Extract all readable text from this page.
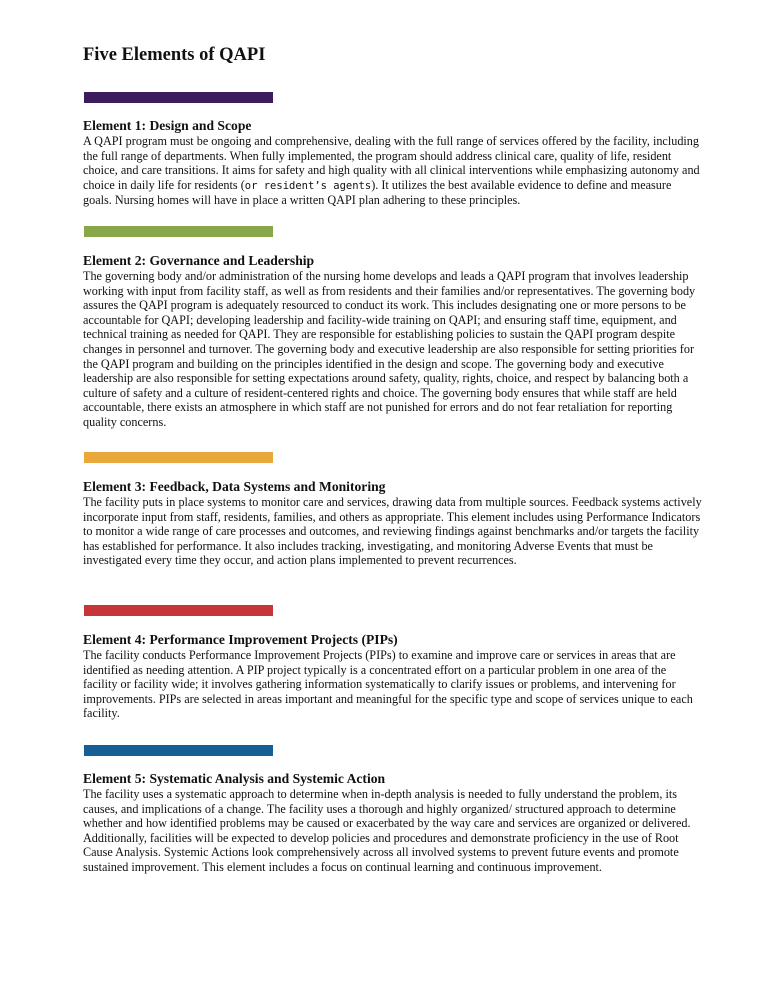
Five Elements of QAPI
Element 1: Design and Scope

A QAPI program must be ongoing and comprehensive, dealing with the full range of services offered by the facility, including the full range of departments. When fully implemented, the program should address clinical care, quality of life, resident choice, and care transitions. It aims for safety and high quality with all clinical interventions while emphasizing autonomy and choice in daily life for residents (or resident’s agents). It utilizes the best available evidence to define and measure goals. Nursing homes will have in place a written QAPI plan adhering to these principles.

Element 2: Governance and Leadership

The governing body and/or administration of the nursing home develops and leads a QAPI program that involves leadership working with input from facility staff, as well as from residents and their families and/or representatives. The governing body assures the QAPI program is adequately resourced to conduct its work. This includes designating one or more persons to be accountable for QAPI; developing leadership and facility-wide training on QAPI; and ensuring staff time, equipment, and technical training as needed for QAPI. They are responsible for establishing policies to sustain the QAPI program despite changes in personnel and turnover. The governing body and executive leadership are also responsible for setting priorities for the QAPI program and building on the principles identified in the design and scope. The governing body and executive leadership are also responsible for setting expectations around safety, quality, rights, choice, and respect by balancing both a culture of safety and a culture of resident-centered rights and choice. The governing body ensures that while staff are held accountable, there exists an atmosphere in which staff are not punished for errors and do not fear retaliation for reporting quality concerns.

Element 3: Feedback, Data Systems and Monitoring

The facility puts in place systems to monitor care and services, drawing data from multiple sources. Feedback systems actively incorporate input from staff, residents, families, and others as appropriate. This element includes using Performance Indicators to monitor a wide range of care processes and outcomes, and reviewing findings against benchmarks and/or targets the facility has established for performance. It also includes tracking, investigating, and monitoring Adverse Events that must be investigated every time they occur, and action plans implemented to prevent recurrences.

Element 4: Performance Improvement Projects (PIPs)

The facility conducts Performance Improvement Projects (PIPs) to examine and improve care or services in areas that are identified as needing attention. A PIP project typically is a concentrated effort on a particular problem in one area of the facility or facility wide; it involves gathering information systematically to clarify issues or problems, and intervening for improvements. PIPs are selected in areas important and meaningful for the specific type and scope of services unique to each facility.

Element 5: Systematic Analysis and Systemic Action

The facility uses a systematic approach to determine when in-depth analysis is needed to fully understand the problem, its causes, and implications of a change. The facility uses a thorough and highly organized/ structured approach to determine whether and how identified problems may be caused or exacerbated by the way care and services are organized or delivered. Additionally, facilities will be expected to develop policies and procedures and demonstrate proficiency in the use of Root Cause Analysis. Systemic Actions look comprehensively across all involved systems to prevent future events and promote sustained improvement. This element includes a focus on continual learning and continuous improvement.
